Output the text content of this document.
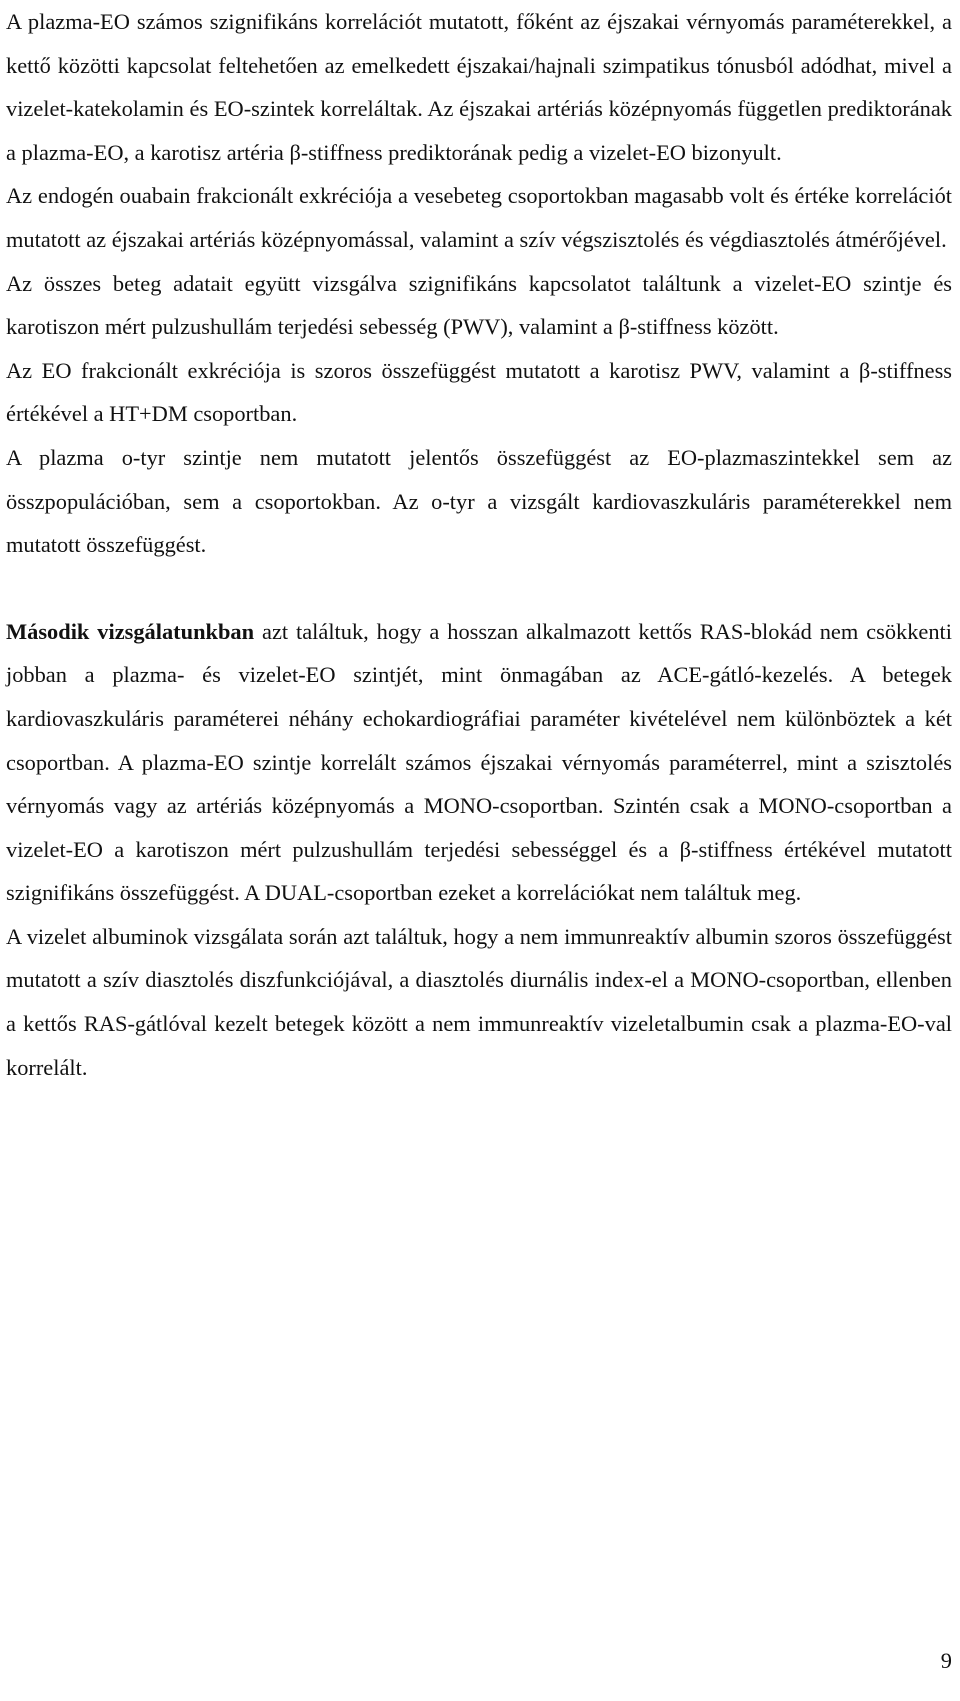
A plazma-EO számos szignifikáns korrelációt mutatott, főként az éjszakai vérnyomás paraméterekkel, a kettő közötti kapcsolat feltehetően az emelkedett éjszakai/hajnali szimpatikus tónusból adódhat, mivel a vizelet-katekolamin és EO-szintek korreláltak. Az éjszakai artériás középnyomás független prediktorának a plazma-EO, a karotisz artéria β-stiffness prediktorának pedig a vizelet-EO bizonyult.

Az endogén ouabain frakcionált exkréciója a vesebeteg csoportokban magasabb volt és értéke korrelációt mutatott az éjszakai artériás középnyomással, valamint a szív végszisztolés és végdiasztolés átmérőjével.

Az összes beteg adatait együtt vizsgálva szignifikáns kapcsolatot találtunk a vizelet-EO szintje és karotiszon mért pulzushullám terjedési sebesség (PWV), valamint a β-stiffness között.

Az EO frakcionált exkréciója is szoros összefüggést mutatott a karotisz PWV, valamint a β-stiffness értékével a HT+DM csoportban.

A plazma o-tyr szintje nem mutatott jelentős összefüggést az EO-plazmaszintekkel sem az összpopulációban, sem a csoportokban. Az o-tyr a vizsgált kardiovaszkuláris paraméterekkel nem mutatott összefüggést.

Második vizsgálatunkban azt találtuk, hogy a hosszan alkalmazott kettős RAS-blokád nem csökkenti jobban a plazma- és vizelet-EO szintjét, mint önmagában az ACE-gátló-kezelés. A betegek kardiovaszkuláris paraméterei néhány echokardiográfiai paraméter kivételével nem különböztek a két csoportban. A plazma-EO szintje korrelált számos éjszakai vérnyomás paraméterrel, mint a szisztolés vérnyomás vagy az artériás középnyomás a MONO-csoportban. Szintén csak a MONO-csoportban a vizelet-EO a karotiszon mért pulzushullám terjedési sebességgel és a β-stiffness értékével mutatott szignifikáns összefüggést. A DUAL-csoportban ezeket a korrelációkat nem találtuk meg.

A vizelet albuminok vizsgálata során azt találtuk, hogy a nem immunreaktív albumin szoros összefüggést mutatott a szív diasztolés diszfunkciójával, a diasztolés diurnális index-el a MONO-csoportban, ellenben a kettős RAS-gátlóval kezelt betegek között a nem immunreaktív vizeletalbumin csak a plazma-EO-val korrelált.

9
